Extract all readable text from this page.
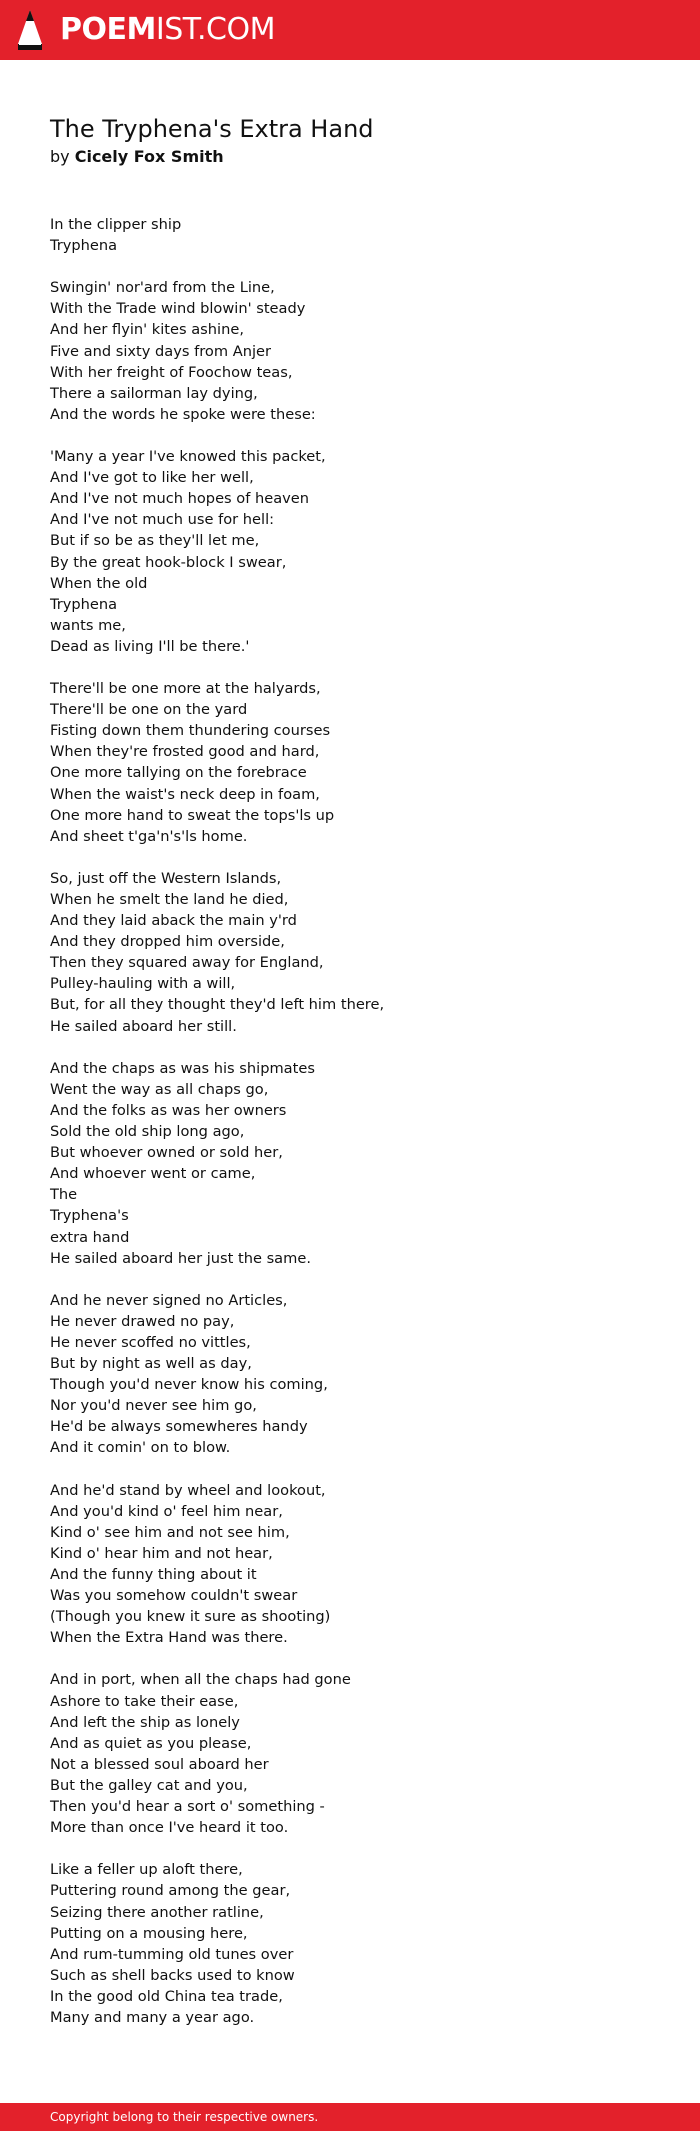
POEMIST.COM
The Tryphena's Extra Hand

by Cicely Fox Smith

In the clipper ship
Tryphena
Swingin' nor'ard from the Line,
With the Trade wind blowin' steady
And her flyin' kites ashine,
Five and sixty days from Anjer
With her freight of Foochow teas,
There a sailorman lay dying,
And the words he spoke were these:
'Many a year I've knowed this packet,
And I've got to like her well,
And I've not much hopes of heaven
And I've not much use for hell:
But if so be as they'll let me,
By the great hook-block I swear,
When the old
Tryphena
wants me,
Dead as living I'll be there.'
There'll be one more at the halyards,
There'll be one on the yard
Fisting down them thundering courses
When they're frosted good and hard,
One more tallying on the forebrace
When the waist's neck deep in foam,
One more hand to sweat the tops'ls up
And sheet t'ga'n's'ls home.
So, just off the Western Islands,
When he smelt the land he died,
And they laid aback the main y'rd
And they dropped him overside,
Then they squared away for England,
Pulley-hauling with a will,
But, for all they thought they'd left him there,
He sailed aboard her still.
And the chaps as was his shipmates
Went the way as all chaps go,
And the folks as was her owners
Sold the old ship long ago,
But whoever owned or sold her,
And whoever went or came,
The
Tryphena's
extra hand
He sailed aboard her just the same.
And he never signed no Articles,
He never drawed no pay,
He never scoffed no vittles,
But by night as well as day,
Though you'd never know his coming,
Nor you'd never see him go,
He'd be always somewheres handy
And it comin' on to blow.
And he'd stand by wheel and lookout,
And you'd kind o' feel him near,
Kind o' see him and not see him,
Kind o' hear him and not hear,
And the funny thing about it
Was you somehow couldn't swear
(Though you knew it sure as shooting)
When the Extra Hand was there.
And in port, when all the chaps had gone
Ashore to take their ease,
And left the ship as lonely
And as quiet as you please,
Not a blessed soul aboard her
But the galley cat and you,
Then you'd hear a sort o' something -
More than once I've heard it too.
Like a feller up aloft there,
Puttering round among the gear,
Seizing there another ratline,
Putting on a mousing here,
And rum-tumming old tunes over
Such as shell backs used to know
In the good old China tea trade,
Many and many a year ago.
Copyright belong to their respective owners.
